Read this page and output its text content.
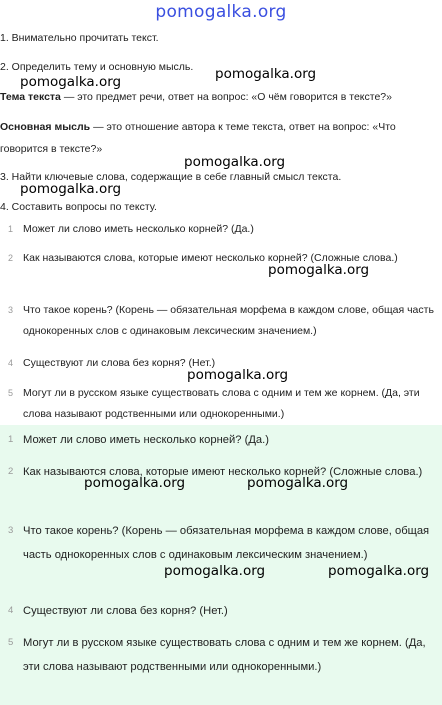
pomogalka.org
1. Внимательно прочитать текст.
2. Определить тему и основную мысль.
Тема текста — это предмет речи, ответ на вопрос: «О чём говорится в тексте?»
Основная мысль — это отношение автора к теме текста, ответ на вопрос: «Что говорится в тексте?»
3. Найти ключевые слова, содержащие в себе главный смысл текста.
4. Составить вопросы по тексту.
1 Может ли слово иметь несколько корней? (Да.)
2 Как называются слова, которые имеют несколько корней? (Сложные слова.)
3 Что такое корень? (Корень — обязательная морфема в каждом слове, общая часть однокоренных слов с одинаковым лексическим значением.)
4 Существуют ли слова без корня? (Нет.)
5 Могут ли в русском языке существовать слова с одним и тем же корнем. (Да, эти слова называют родственными или однокоренными.)
1 Может ли слово иметь несколько корней? (Да.)
2 Как называются слова, которые имеют несколько корней? (Сложные слова.)
3 Что такое корень? (Корень — обязательная морфема в каждом слове, общая часть однокоренных слов с одинаковым лексическим значением.)
4 Существуют ли слова без корня? (Нет.)
5 Могут ли в русском языке существовать слова с одним и тем же корнем. (Да, эти слова называют родственными или однокоренными.)
pomogalka.org
pomogalka.org
pomogalka.org
pomogalka.org
pomogalka.org
pomogalka.org
pomogalka.org	pomogalka.org
pomogalka.org	pomogalka.org
